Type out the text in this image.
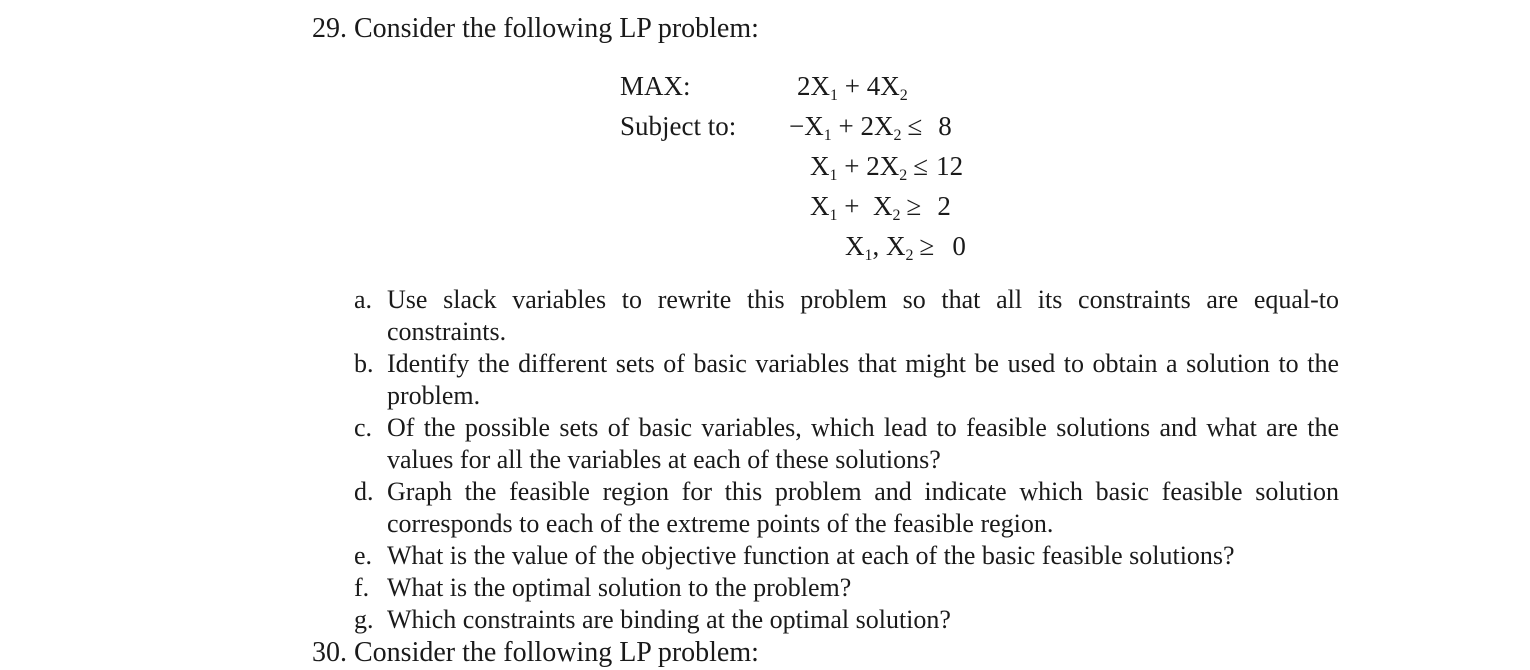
29. Consider the following LP problem:
MAX:
Subject to:
$2X_1 + 4X_2$
$-X_1 + 2X_2 \le 8$
$X_1 + 2X_2 \le 12$
$X_1 + X_2 \ge 2$
$X_1$, $X_2 \ge 0$
a. Use slack variables to rewrite this problem so that all its constraints are equal-to constraints.
b. Identify the different sets of basic variables that might be used to obtain a solution to the problem.
c. Of the possible sets of basic variables, which lead to feasible solutions and what are the values for all the variables at each of these solutions?
d. Graph the feasible region for this problem and indicate which basic feasible solution corresponds to each of the extreme points of the feasible region.
e. What is the value of the objective function at each of the basic feasible solutions?
f. What is the optimal solution to the problem?
g. Which constraints are binding at the optimal solution?
30. Consider the following LP problem:
